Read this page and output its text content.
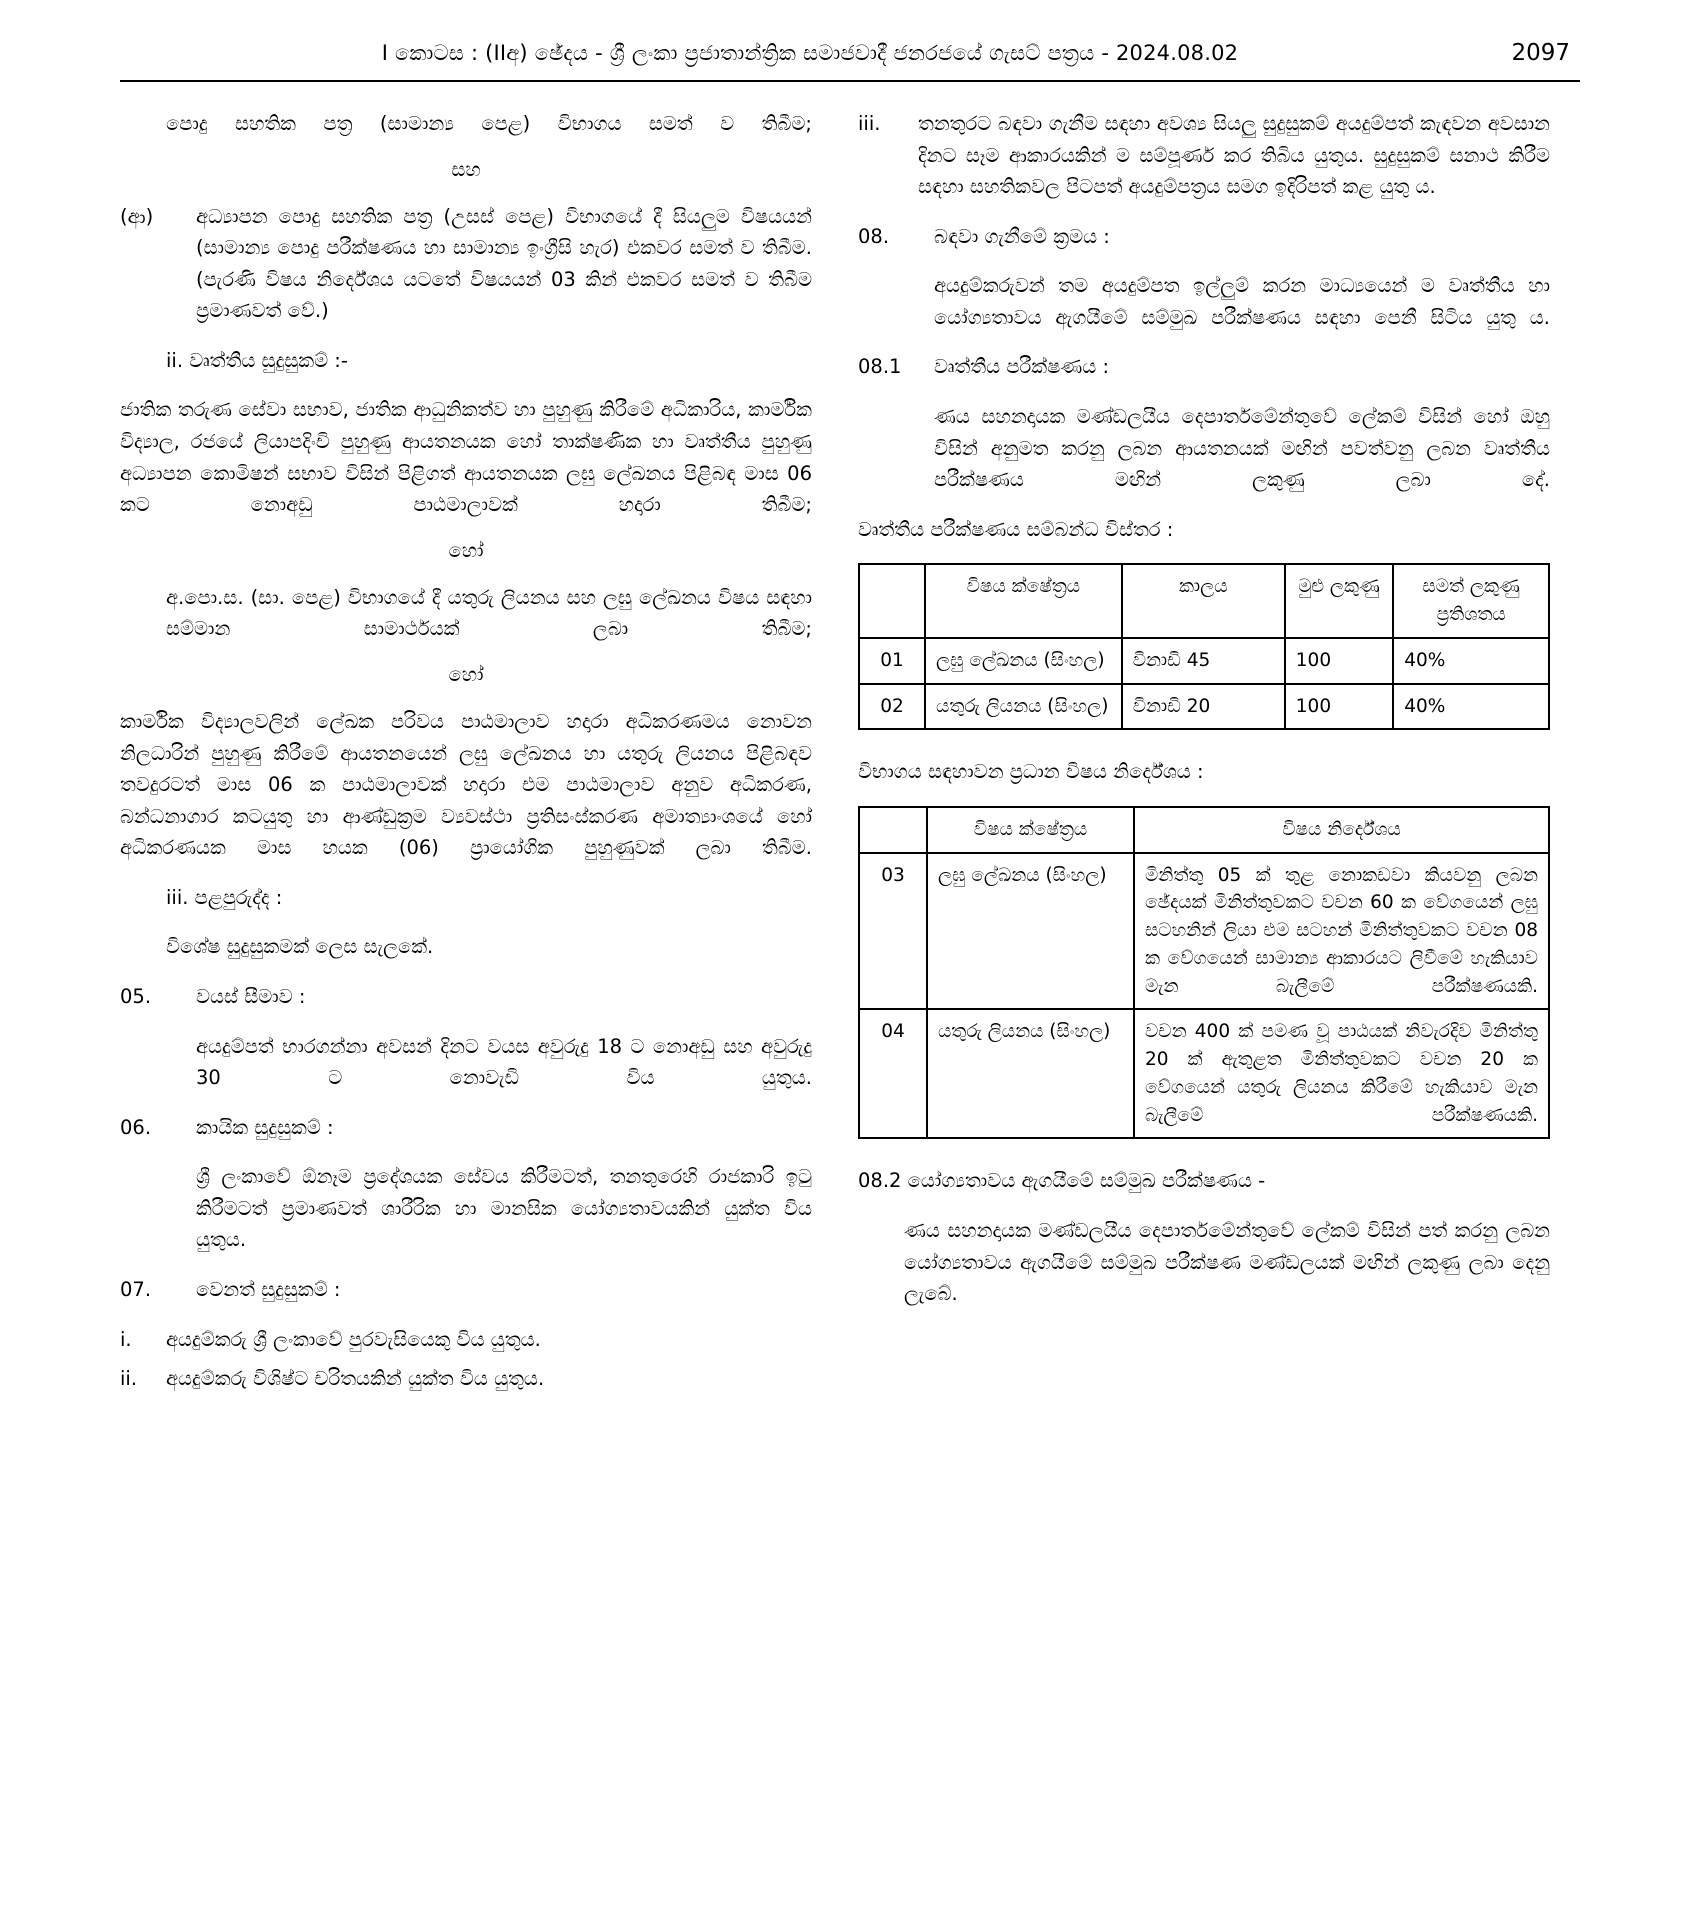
I කොටස : (IIඅ) ඡේදය - ශ්‍රී ලංකා ප්‍රජාතාන්ත්‍රික සමාජවාදී ජනරජයේ ගැසට් පත්‍රය - 2024.08.02	2097
පොදු සහතික පත්‍ර (සාමාන්‍ය පෙළ) විභාගය සමත් ව තිබීම;
සහ
(ආ)	අධ්‍යාපන පොදු සහතික පත්‍ර (උසස් පෙළ) විභාගයේ දී සියලුම විෂයයන් (සාමාන්‍ය පොදු පරීක්ෂණය හා සාමාන්‍ය ඉංග්‍රීසි හැර) එකවර සමත් ව තිබීම. (පැරණි විෂය නිර්දේශය යටතේ විෂයයන් 03 කින් එකවර සමත් ව තිබීම ප්‍රමාණවත් වේ.)
ii. වෘත්තීය සුදුසුකම් :-
ජාතික තරුණ සේවා සභාව, ජාතික ආධුනිකත්ව හා පුහුණු කිරීමේ අධිකාරිය, කාර්මික විද්‍යාල, රජයේ ලියාපදිංචි පුහුණු ආයතනයක හෝ තාක්ෂණික හා වෘත්තීය පුහුණු අධ්‍යාපන කොමිෂන් සභාව විසින් පිළිගත් ආයතනයක ලඝු ලේඛනය පිළිබඳ මාස 06 කට නොඅඩු පාඨමාලාවක් හදාරා තිබීම;
හෝ
අ.පො.ස. (සා. පෙළ) විභාගයේ දී යතුරු ලියනය සහ ලඝු ලේඛනය විෂය සඳහා සම්මාන සාමාර්ථයක් ලබා තිබීම;
හෝ
කාර්මික විද්‍යාලවලින් ලේඛක පරිවය පාඨමාලාව හදාරා අධිකරණමය නොවන නිලධාරින් පුහුණු කිරීමේ ආයතනයෙන් ලඝු ලේඛනය හා යතුරු ලියනය පිළිබඳව තවදුරටත් මාස 06 ක පාඨමාලාවක් හදාරා එම පාඨමාලාව අනුව අධිකරණ, බන්ධනාගාර කටයුතු හා ආණ්ඩුක්‍රම ව්‍යවස්ථා ප්‍රතිසංස්කරණ අමාත්‍යාංශයේ හෝ අධිකරණයක මාස හයක (06) ප්‍රායෝගික පුහුණුවක් ලබා තිබීම.
iii. පළපුරුද්ද :
විශේෂ සුදුසුකමක් ලෙස සැලකේ.
05.	වයස් සීමාව :
අයදුම්පත් භාරගන්නා අවසන් දිනට වයස අවුරුදු 18 ට නොඅඩු සහ අවුරුදු 30 ට නොවැඩි විය යුතුය.
06.	කායික සුදුසුකම් :
ශ්‍රී ලංකාවේ ඕනෑම ප්‍රදේශයක සේවය කිරීමටත්, තනතුරෙහි රාජකාරි ඉටු කිරීමටත් ප්‍රමාණවත් ශාරීරික හා මානසික යෝග්‍යතාවයකින් යුක්ත විය යුතුය.
07.	වෙනත් සුදුසුකම් :
i.	අයදුම්කරු ශ්‍රී ලංකාවේ පුරවැසියෙකු විය යුතුය.
ii.	අයදුම්කරු විශිෂ්ට චරිතයකින් යුක්ත විය යුතුය.
iii.	තනතුරට බඳවා ගැනීම සඳහා අවශ්‍ය සියලු සුදුසුකම් අයදුම්පත් කැඳවන අවසාන දිනට සෑම ආකාරයකින් ම සම්පූර්ණ කර තිබිය යුතුය. සුදුසුකම් සනාථ කිරීම සඳහා සහතිකවල පිටපත් අයදුම්පත්‍රය සමග ඉදිරිපත් කළ යුතු ය.
08.	බඳවා ගැනීමේ ක්‍රමය :
අයදුම්කරුවන් තම අයදුම්පත ඉල්ලුම් කරන මාධ්‍යයෙන් ම වෘත්තීය හා යෝග්‍යතාවය ඇගයීමේ සම්මුඛ පරීක්ෂණය සඳහා පෙනී සිටිය යුතු ය.
08.1	වෘත්තීය පරීක්ෂණය :
ණය සහනදායක මණ්ඩලයීය දෙපාර්තමේන්තුවේ ලේකම් විසින් හෝ ඔහු විසින් අනුමත කරනු ලබන ආයතනයක් මඟින් පවත්වනු ලබන වෘත්තීය පරීක්ෂණය මඟින් ලකුණු ලබා දේ.
වෘත්තීය පරීක්ෂණය සම්බන්ධ විස්තර :
	විෂය ක්ෂේත්‍රය	කාලය	මුළු ලකුණු	සමත් ලකුණු ප්‍රතිශතය
01	ලඝු ලේඛනය (සිංහල)	විනාඩි 45	100	40%
02	යතුරු ලියනය (සිංහල)	විනාඩි 20	100	40%
විභාගය සඳහාවන ප්‍රධාන විෂය නිර්දේශය :
	විෂය ක්ෂේත්‍රය	විෂය නිර්දේශය
03	ලඝු ලේඛනය (සිංහල)	මිනිත්තු 05 ක් තුළ නොකඩවා කියවනු ලබන ඡේදයක් මිනිත්තුවකට වචන 60 ක වේගයෙන් ලඝු සටහනින් ලියා එම සටහන් මිනිත්තුවකට වචන 08 ක වේගයෙන් සාමාන්‍ය ආකාරයට ලිවීමේ හැකියාව මැන බැලීමේ පරීක්ෂණයකි.
04	යතුරු ලියනය (සිංහල)	වචන 400 ක් පමණ වූ පාඨයක් නිවැරදිව මිනිත්තු 20 ක් ඇතුළත මිනිත්තුවකට වචන 20 ක වේගයෙන් යතුරු ලියනය කිරීමේ හැකියාව මැන බැලීමේ පරීක්ෂණයකි.
08.2 යෝග්‍යතාවය ඇගයීමේ සම්මුඛ පරීක්ෂණය -
ණය සහනදායක මණ්ඩලයීය දෙපාර්තමේන්තුවේ ලේකම් විසින් පත් කරනු ලබන යෝග්‍යතාවය ඇගයීමේ සම්මුඛ පරීක්ෂණ මණ්ඩලයක් මඟින් ලකුණු ලබා දෙනු ලැබේ.
